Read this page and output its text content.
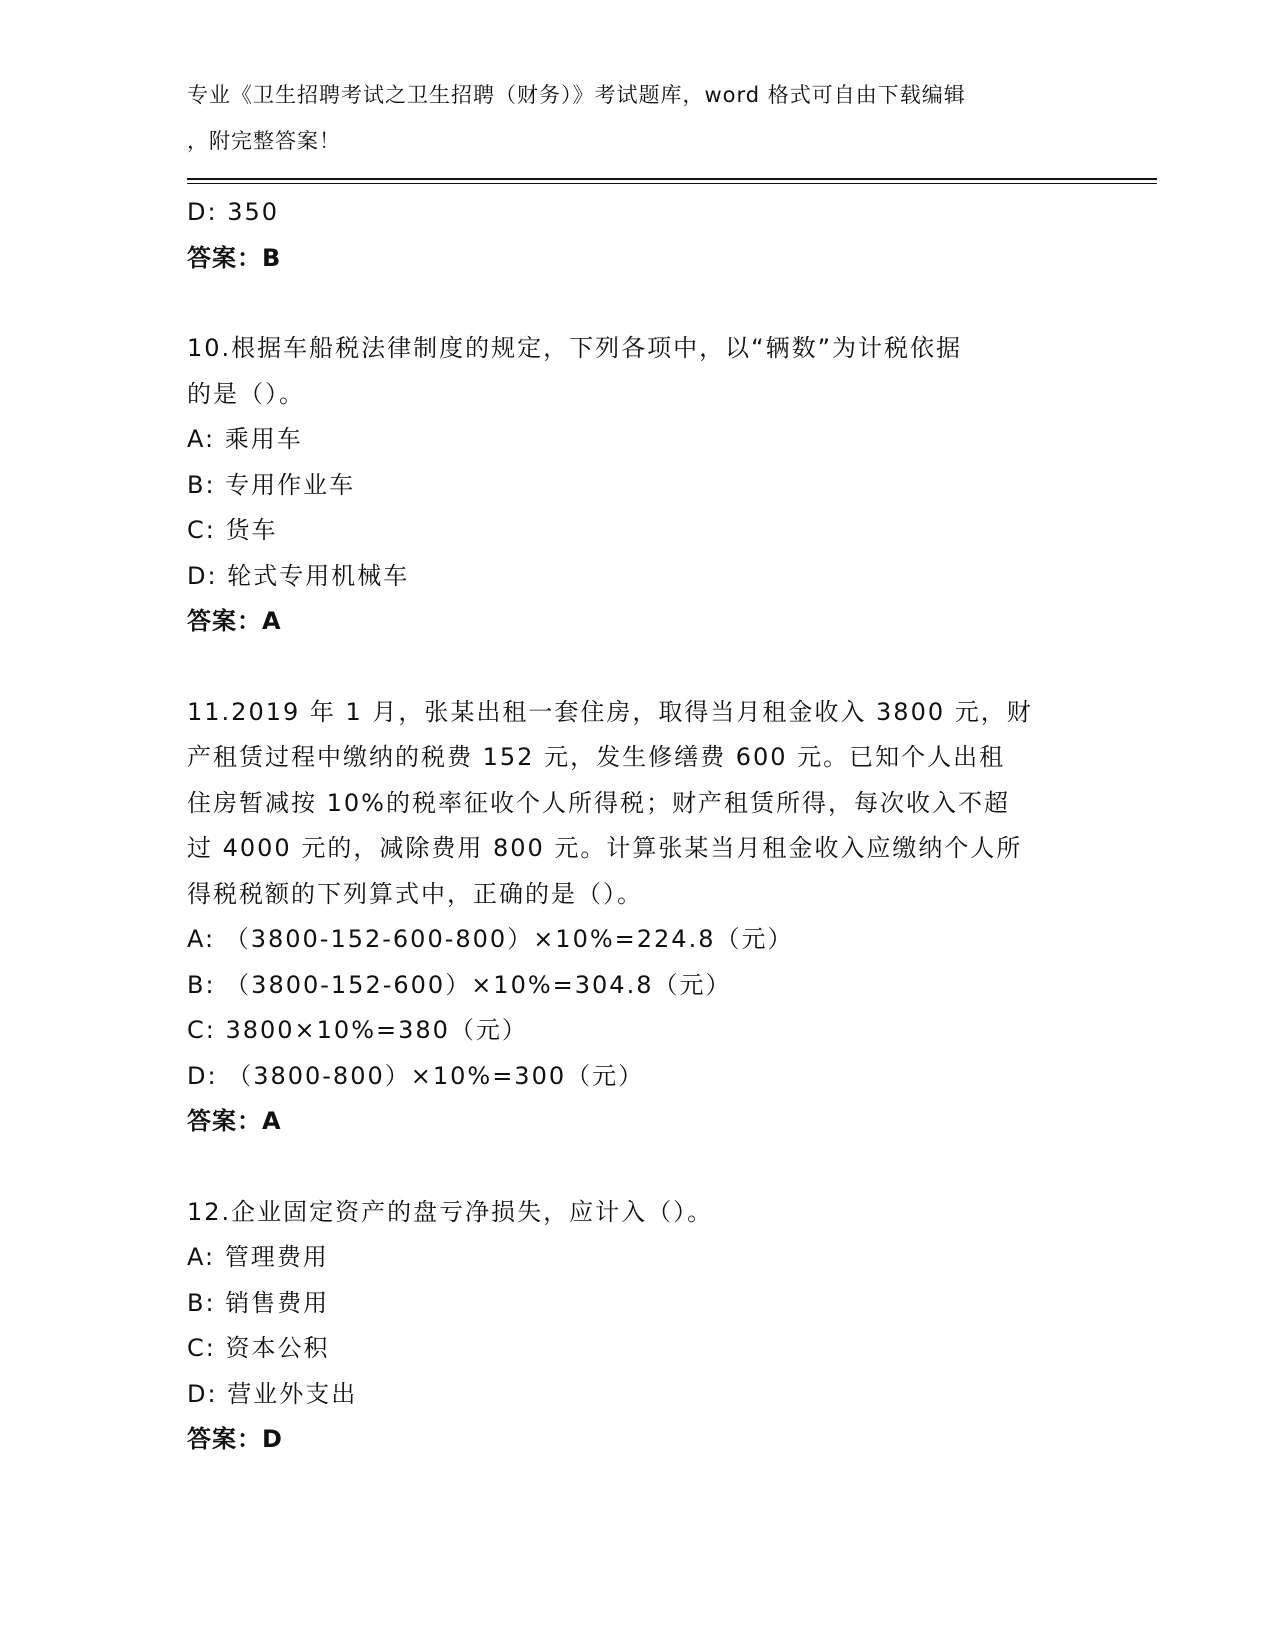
专业《卫生招聘考试之卫生招聘（财务）》考试题库，word 格式可自由下载编辑
，附完整答案！
D: 350
答案：B
10.根据车船税法律制度的规定，下列各项中，以“辆数”为计税依据
的是（）。
A: 乘用车
B: 专用作业车
C: 货车
D: 轮式专用机械车
答案：A
11.2019 年 1 月，张某出租一套住房，取得当月租金收入 3800 元，财
产租赁过程中缴纳的税费 152 元，发生修缮费 600 元。已知个人出租
住房暂减按 10%的税率征收个人所得税；财产租赁所得，每次收入不超
过 4000 元的，减除费用 800 元。计算张某当月租金收入应缴纳个人所
得税税额的下列算式中，正确的是（）。
A: （3800-152-600-800）×10%=224.8（元）
B: （3800-152-600）×10%=304.8（元）
C: 3800×10%=380（元）
D: （3800-800）×10%=300（元）
答案：A
12.企业固定资产的盘亏净损失，应计入（）。
A: 管理费用
B: 销售费用
C: 资本公积
D: 营业外支出
答案：D
